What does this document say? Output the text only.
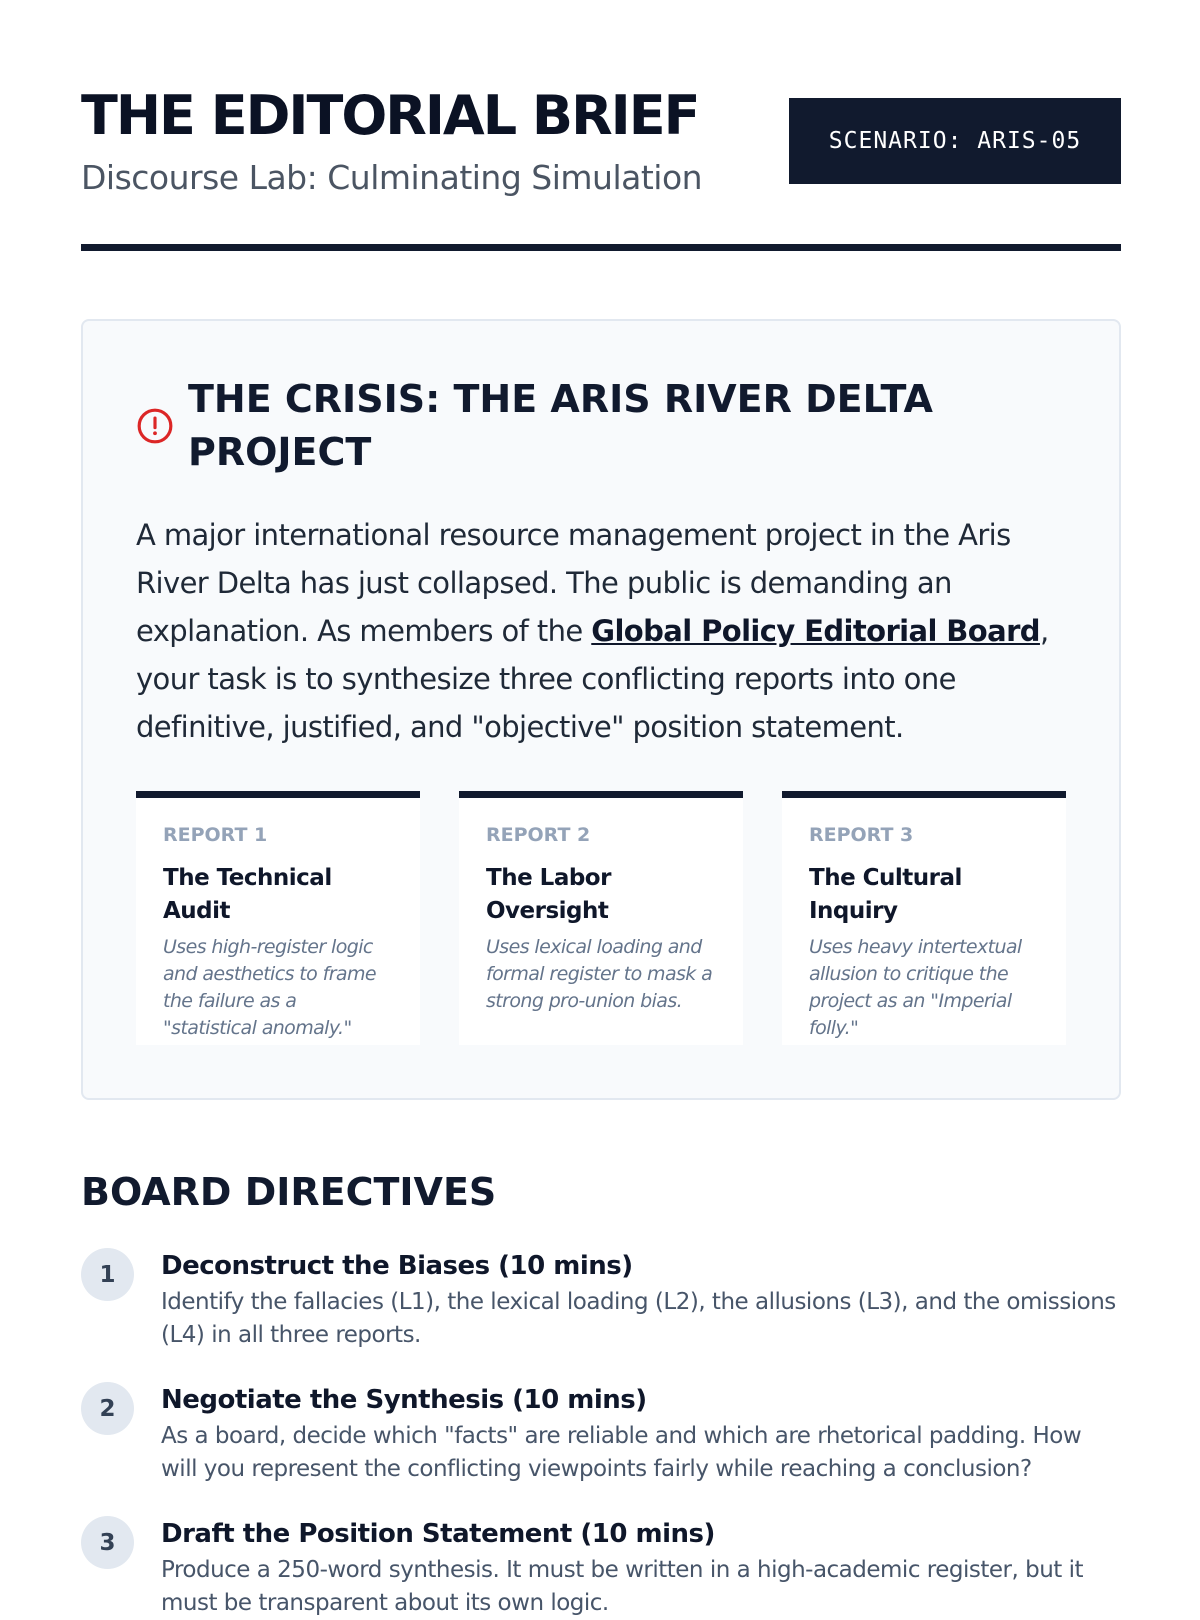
THE EDITORIAL BRIEF

Discourse Lab: Culminating Simulation

SCENARIO: ARIS-05
THE CRISIS: THE ARIS RIVER DELTA PROJECT

A major international resource management project in the Aris River Delta has just collapsed. The public is demanding an explanation. As members of the Global Policy Editorial Board, your task is to synthesize three conflicting reports into one definitive, justified, and "objective" position statement.

REPORT 1
The Technical Audit
Uses high-register logic and aesthetics to frame the failure as a "statistical anomaly."
REPORT 2
The Labor Oversight
Uses lexical loading and formal register to mask a strong pro-union bias.
REPORT 3
The Cultural Inquiry
Uses heavy intertextual allusion to critique the project as an "Imperial folly."
BOARD DIRECTIVES
1	Deconstruct the Biases (10 mins)
Identify the fallacies (L1), the lexical loading (L2), the allusions (L3), and the omissions (L4) in all three reports.
2	Negotiate the Synthesis (10 mins)
As a board, decide which "facts" are reliable and which are rhetorical padding. How will you represent the conflicting viewpoints fairly while reaching a conclusion?
3	Draft the Position Statement (10 mins)
Produce a 250-word synthesis. It must be written in a high-academic register, but it must be transparent about its own logic.
